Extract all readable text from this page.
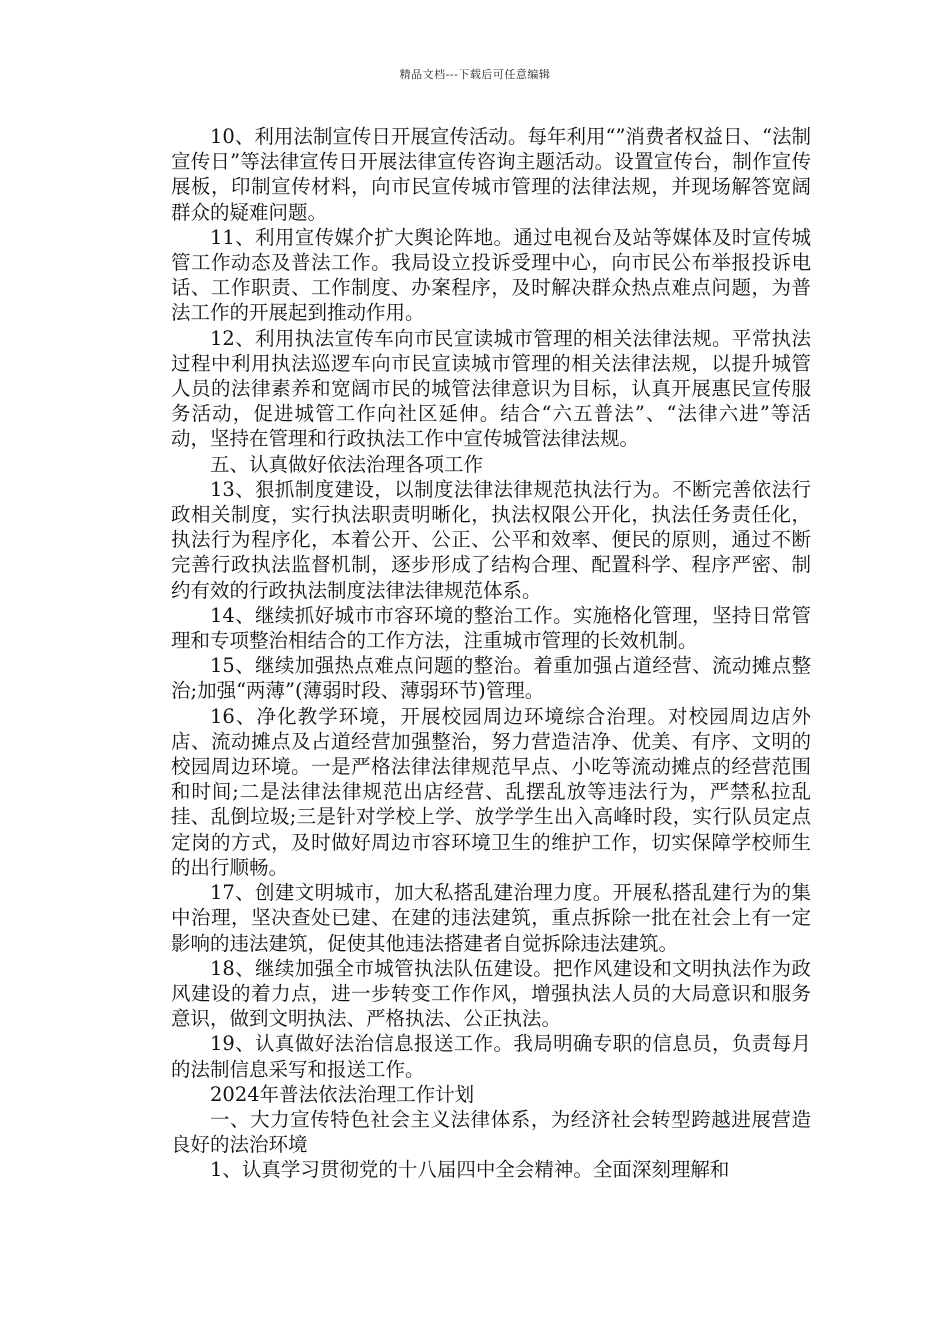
精品文档---下载后可任意编辑

10、利用法制宣传日开展宣传活动。每年利用“”消费者权益日、“法制宣传日”等法律宣传日开展法律宣传咨询主题活动。设置宣传台，制作宣传展板，印制宣传材料，向市民宣传城市管理的法律法规，并现场解答宽阔群众的疑难问题。

11、利用宣传媒介扩大舆论阵地。通过电视台及站等媒体及时宣传城管工作动态及普法工作。我局设立投诉受理中心，向市民公布举报投诉电话、工作职责、工作制度、办案程序，及时解决群众热点难点问题，为普法工作的开展起到推动作用。

12、利用执法宣传车向市民宣读城市管理的相关法律法规。平常执法过程中利用执法巡逻车向市民宣读城市管理的相关法律法规，以提升城管人员的法律素养和宽阔市民的城管法律意识为目标，认真开展惠民宣传服务活动，促进城管工作向社区延伸。结合“六五普法”、“法律六进”等活动，坚持在管理和行政执法工作中宣传城管法律法规。

五、认真做好依法治理各项工作

13、狠抓制度建设，以制度法律法律规范执法行为。不断完善依法行政相关制度，实行执法职责明晰化，执法权限公开化，执法任务责任化，执法行为程序化，本着公开、公正、公平和效率、便民的原则，通过不断完善行政执法监督机制，逐步形成了结构合理、配置科学、程序严密、制约有效的行政执法制度法律法律规范体系。

14、继续抓好城市市容环境的整治工作。实施格化管理，坚持日常管理和专项整治相结合的工作方法，注重城市管理的长效机制。

15、继续加强热点难点问题的整治。着重加强占道经营、流动摊点整治;加强“两薄”(薄弱时段、薄弱环节)管理。

16、净化教学环境，开展校园周边环境综合治理。对校园周边店外店、流动摊点及占道经营加强整治，努力营造洁净、优美、有序、文明的校园周边环境。一是严格法律法律规范早点、小吃等流动摊点的经营范围和时间;二是法律法律规范出店经营、乱摆乱放等违法行为，严禁私拉乱挂、乱倒垃圾;三是针对学校上学、放学学生出入高峰时段，实行队员定点定岗的方式，及时做好周边市容环境卫生的维护工作，切实保障学校师生的出行顺畅。

17、创建文明城市，加大私搭乱建治理力度。开展私搭乱建行为的集中治理，坚决查处已建、在建的违法建筑，重点拆除一批在社会上有一定影响的违法建筑，促使其他违法搭建者自觉拆除违法建筑。

18、继续加强全市城管执法队伍建设。把作风建设和文明执法作为政风建设的着力点，进一步转变工作作风，增强执法人员的大局意识和服务意识，做到文明执法、严格执法、公正执法。

19、认真做好法治信息报送工作。我局明确专职的信息员，负责每月的法制信息采写和报送工作。

2024年普法依法治理工作计划

一、大力宣传特色社会主义法律体系，为经济社会转型跨越进展营造良好的法治环境

1、认真学习贯彻党的十八届四中全会精神。全面深刻理解和
